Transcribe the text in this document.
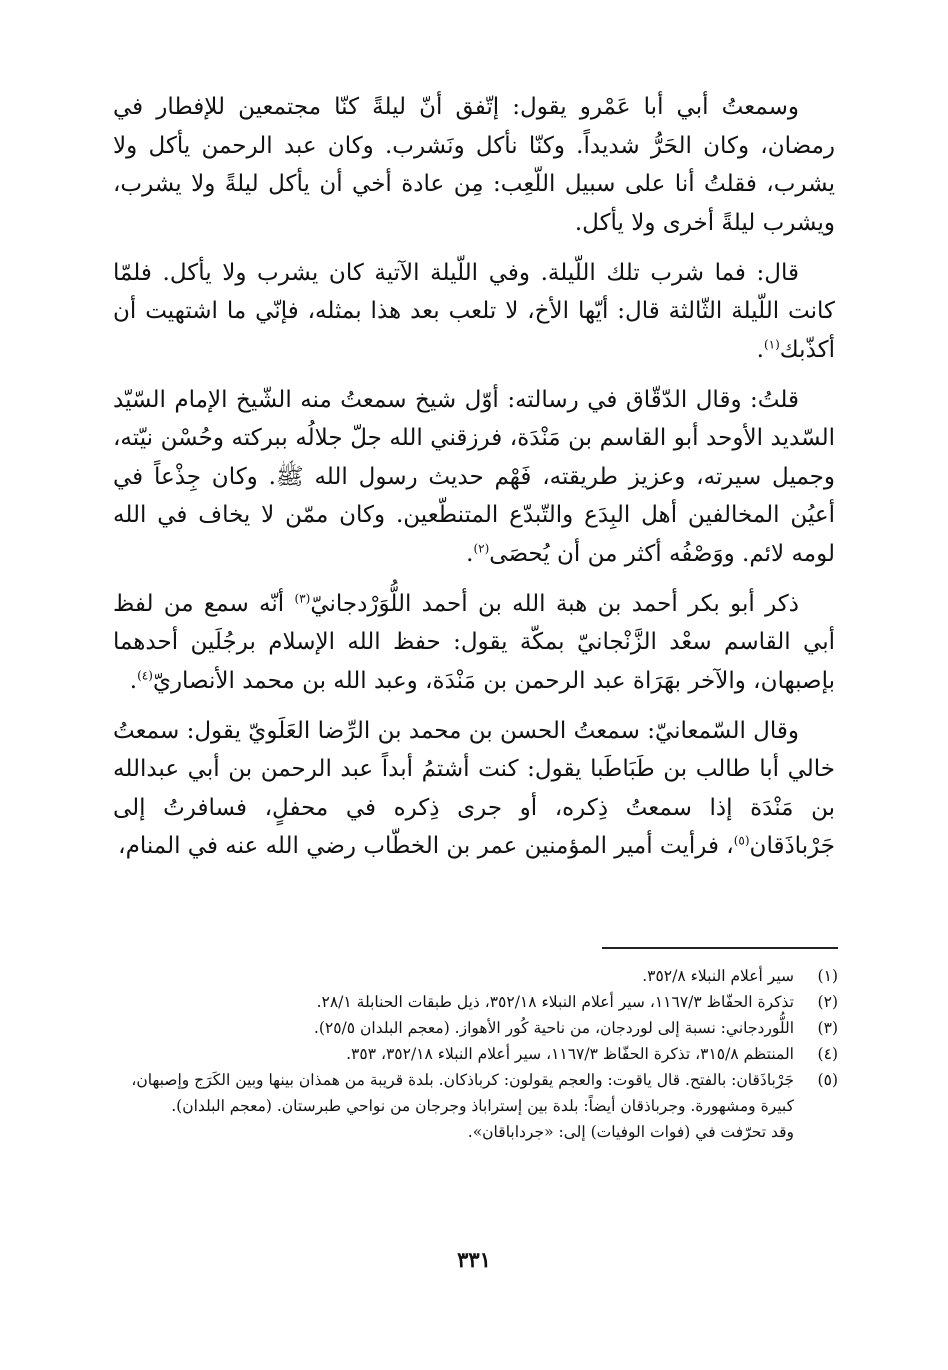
وسمعتُ أبي أبا عَمْرو يقول: إتّفق أنّ ليلةً كنّا مجتمعين للإفطار في رمضان، وكان الحَرُّ شديداً. وكنّا نأكل ونَشرب. وكان عبد الرحمن يأكل ولا يشرب، فقلتُ أنا على سبيل اللّعِب: مِن عادة أخي أن يأكل ليلةً ولا يشرب، ويشرب ليلةً أخرى ولا يأكل.

قال: فما شرب تلك اللّيلة. وفي اللّيلة الآتية كان يشرب ولا يأكل. فلمّا كانت اللّيلة الثّالثة قال: أيّها الأخ، لا تلعب بعد هذا بمثله، فإنّي ما اشتهيت أن أكذّبك$^{(١)}$.

قلتُ: وقال الدّقّاق في رسالته: أوّل شيخ سمعتُ منه الشّيخ الإمام السّيّد السّديد الأوحد أبو القاسم بن مَنْدَة، فرزقني الله جلّ جلالُه ببركته وحُسْن نيّته، وجميل سيرته، وعزيز طريقته، فَهْم حديث رسول الله ﷺ. وكان جِذْعاً في أعيُن المخالفين أهل البِدَع والتّبدّع المتنطّعين. وكان ممّن لا يخاف في الله لومه لائم. ووَصْفُه أكثر من أن يُحصَى$^{(٢)}$.

ذكر أبو بكر أحمد بن هبة الله بن أحمد اللُّوَرْدجانيّ$^{(٣)}$ أنّه سمع من لفظ أبي القاسم سعْد الزَّنْجانيّ بمكّة يقول: حفظ الله الإسلام برجُلَين أحدهما بإصبهان، والآخر بهَرَاة عبد الرحمن بن مَنْدَة، وعبد الله بن محمد الأنصاريّ$^{(٤)}$.

وقال السّمعانيّ: سمعتُ الحسن بن محمد بن الرِّضا العَلَويّ يقول: سمعتُ خالي أبا طالب بن طَبَاطَبا يقول: كنت أشتمُ أبداً عبد الرحمن بن أبي عبدالله بن مَنْدَة إذا سمعتُ ذِكره، أو جرى ذِكره في محفلٍ، فسافرتُ إلى جَرْباذَقان$^{(٥)}$، فرأيت أمير المؤمنين عمر بن الخطّاب رضي الله عنه في المنام،

(١)
سير أعلام النبلاء ٣٥٢/٨.
(٢)
تذكرة الحفّاظ ١١٦٧/٣، سير أعلام النبلاء ٣٥٢/١٨، ذيل طبقات الحنابلة ٢٨/١.
(٣)
اللُّوردجاني: نسبة إلى لوردجان، من ناحية كُور الأهواز. (معجم البلدان ٢٥/٥).
(٤)
المنتظم ٣١٥/٨، تذكرة الحفّاظ ١١٦٧/٣، سير أعلام النبلاء ٣٥٢/١٨، ٣٥٣.
(٥)
جَرْباذَقان: بالفتح. قال ياقوت: والعجم يقولون: كرباذكان. بلدة قريبة من همذان بينها وبين الكَرَج وإصبهان، كبيرة ومشهورة. وجرباذقان أيضاً: بلدة بين إستراباذ وجرجان من نواحي طبرستان. (معجم البلدان).
وقد تحرّفت في (فوات الوفيات) إلى: «جرداباقان».
٣٣١
